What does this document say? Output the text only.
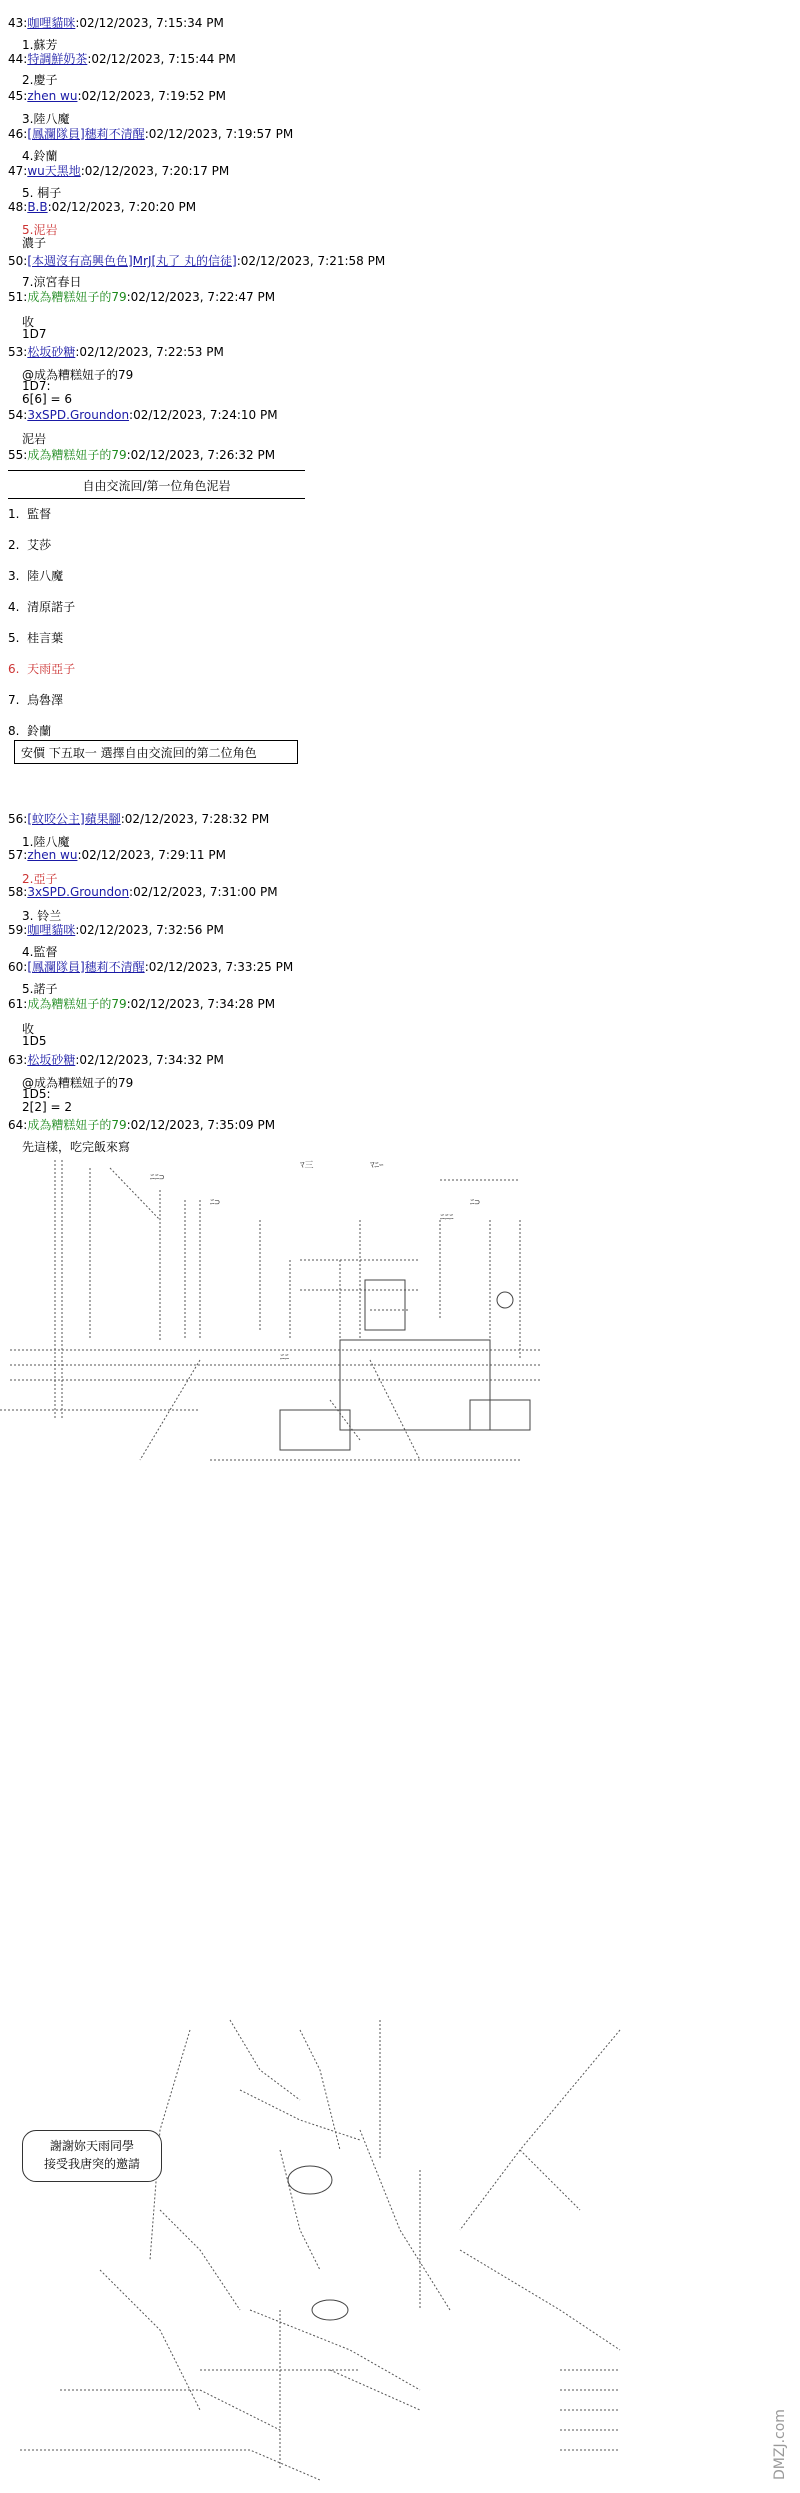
43:咖哩貓咪:02/12/2023, 7:15:34 PM
1.蘇芳
44:特調鮮奶茶:02/12/2023, 7:15:44 PM
2.慶子
45:zhen wu:02/12/2023, 7:19:52 PM
3.陸八魔
46:[鳳瀾隊員]穗莉不清醒:02/12/2023, 7:19:57 PM
4.鈴蘭
47:wu天黑地:02/12/2023, 7:20:17 PM
5. 桐子
48:B.B:02/12/2023, 7:20:20 PM
5.泥岩
濃子
50:[本週沒有高興色色]MrJ[丸了 丸的信徒]:02/12/2023, 7:21:58 PM
7.涼宮春日
51:成為糟糕妞子的79:02/12/2023, 7:22:47 PM
收
1D7
53:松坂砂糖:02/12/2023, 7:22:53 PM
@成為糟糕妞子的79
1D7:
6[6] = 6
54:3xSPD.Groundon:02/12/2023, 7:24:10 PM
泥岩
55:成為糟糕妞子的79:02/12/2023, 7:26:32 PM
自由交流回/第一位角色泥岩
1. 監督
2. 艾莎
3. 陸八魔
4. 清原諾子
5. 桂言葉
6. 天雨亞子
7. 烏魯澤
8. 鈴蘭
安價 下五取一 選擇自由交流回的第二位角色
56:[蚊咬公主]蘋果腳:02/12/2023, 7:28:32 PM
1.陸八魔
57:zhen wu:02/12/2023, 7:29:11 PM
2.亞子
58:3xSPD.Groundon:02/12/2023, 7:31:00 PM
3. 铃兰
59:咖哩貓咪:02/12/2023, 7:32:56 PM
4.監督
60:[鳳瀾隊員]穗莉不清醒:02/12/2023, 7:33:25 PM
5.諾子
61:成為糟糕妞子的79:02/12/2023, 7:34:28 PM
收
1D5
63:松坂砂糖:02/12/2023, 7:34:32 PM
@成為糟糕妞子的79
1D5:
2[2] = 2
64:成為糟糕妞子的79:02/12/2023, 7:35:09 PM
先這樣，吃完飯來寫
ﾆﾆ⊃
ﾏ三	ﾏﾆｰ
ﾆ⊃	ﾆ⊃
ﾆﾆﾆ
ﾆﾆ
謝謝妳天雨同學
接受我唐突的邀請
DMZJ.com
